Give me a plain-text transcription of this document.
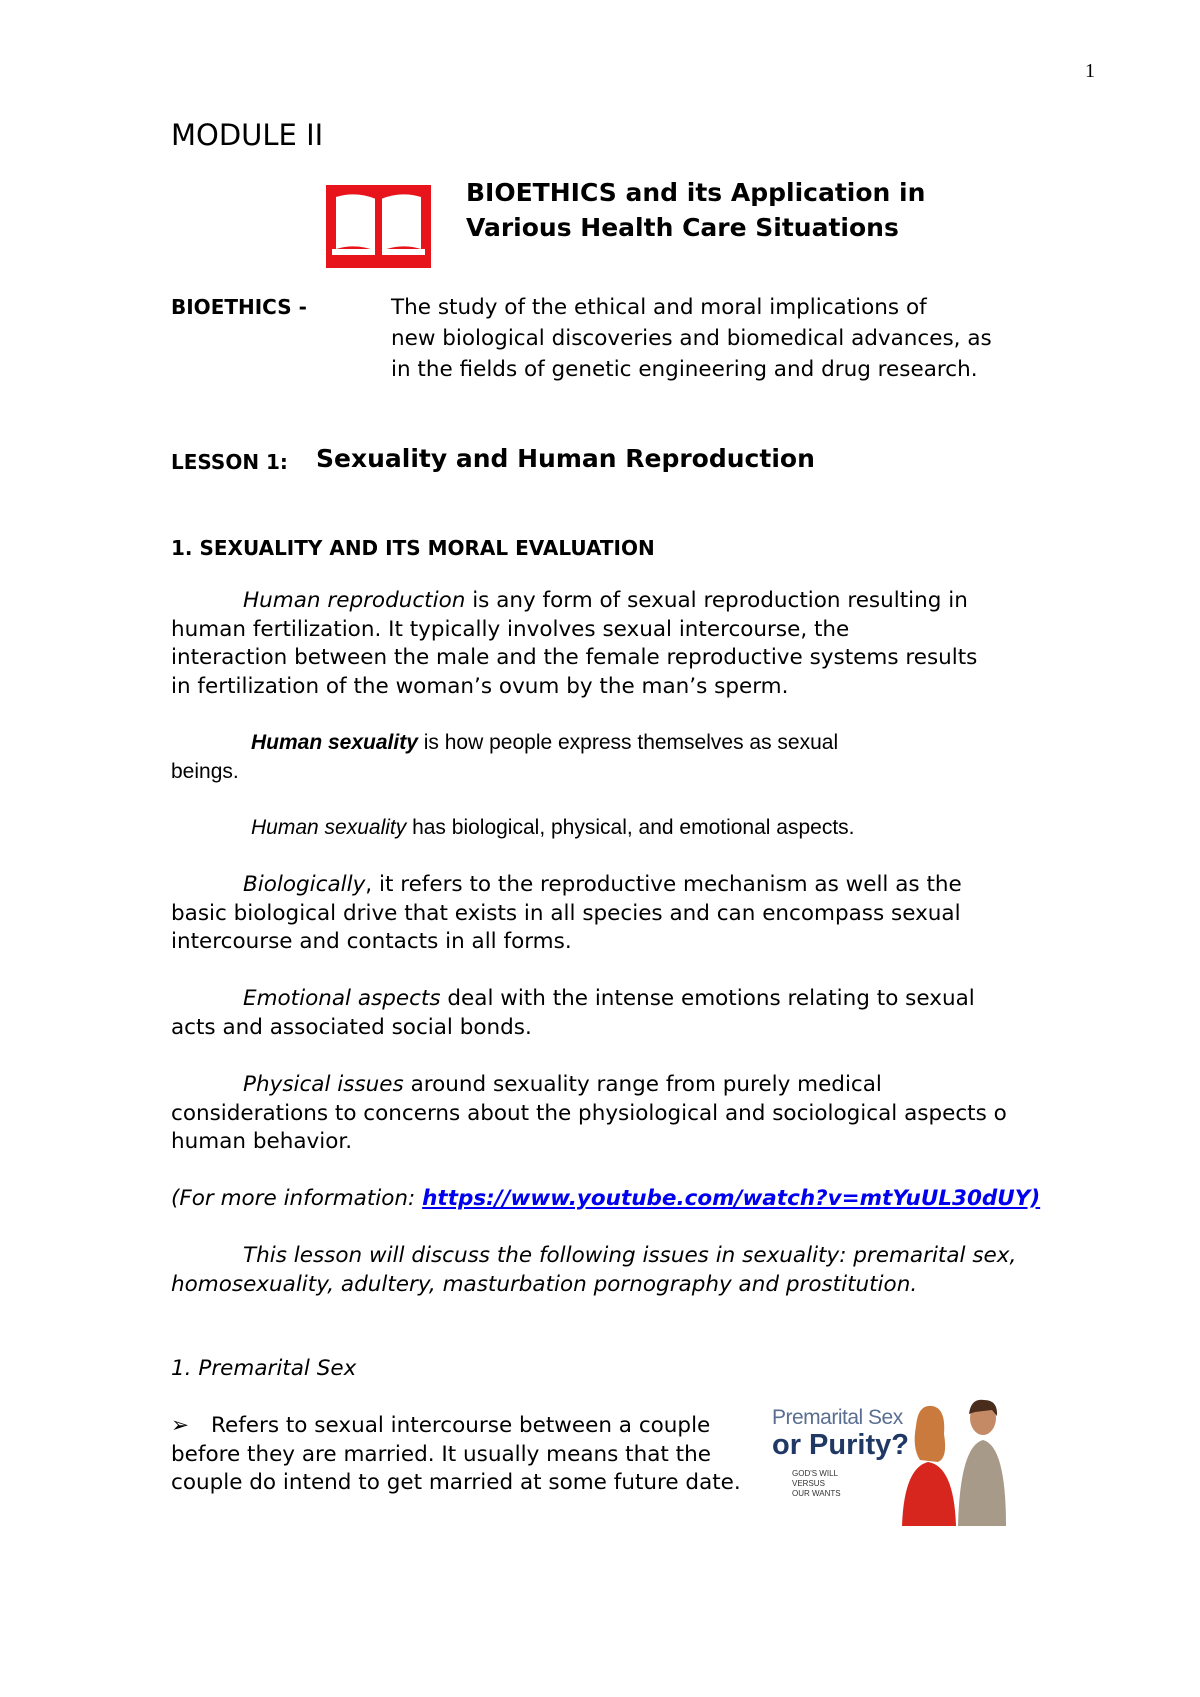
1
MODULE II
BIOETHICS and its Application in
Various Health Care Situations
BIOETHICS -	The study of the ethical and moral implications of
new biological discoveries and biomedical advances, as
in the fields of genetic engineering and drug research.
LESSON 1: Sexuality and Human Reproduction
1. SEXUALITY AND ITS MORAL EVALUATION
Human reproduction is any form of sexual reproduction resulting in
human fertilization. It typically involves sexual intercourse, the
interaction between the male and the female reproductive systems results
in fertilization of the woman’s ovum by the man’s sperm.
Human sexuality is how people express themselves as sexual
beings.
Human sexuality has biological, physical, and emotional aspects.
Biologically, it refers to the reproductive mechanism as well as the
basic biological drive that exists in all species and can encompass sexual
intercourse and contacts in all forms.
Emotional aspects deal with the intense emotions relating to sexual
acts and associated social bonds.
Physical issues around sexuality range from purely medical
considerations to concerns about the physiological and sociological aspects o
human behavior.
(For more information: https://www.youtube.com/watch?v=mtYuUL30dUY)
This lesson will discuss the following issues in sexuality: premarital sex,
homosexuality, adultery, masturbation pornography and prostitution.
1. Premarital Sex
➢ Refers to sexual intercourse between a couple
before they are married. It usually means that the
couple do intend to get married at some future date.
Premarital Sex
or Purity?
GOD'S WILL VERSUS OUR WANTS
